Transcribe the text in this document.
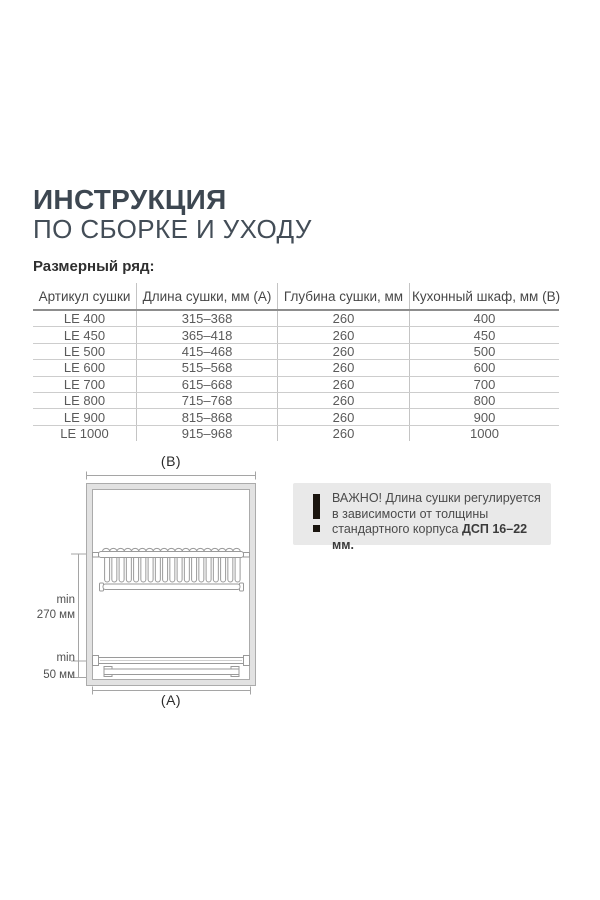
ИНСТРУКЦИЯ
ПО СБОРКЕ И УХОДУ
Размерный ряд:
Артикул сушки	Длина сушки, мм (А)	Глубина сушки, мм	Кухонный шкаф, мм (В)
LE 400	315–368	260	400
LE 450	365–418	260	450
LE 500	415–468	260	500
LE 600	515–568	260	600
LE 700	615–668	260	700
LE 800	715–768	260	800
LE 900	815–868	260	900
LE 1000	915–968	260	1000
(B)
(A)
min
270 мм
min
50 мм
ВАЖНО! Длина сушки регулируется
в зависимости от толщины
стандартного корпуса ДСП 16–22 мм.
